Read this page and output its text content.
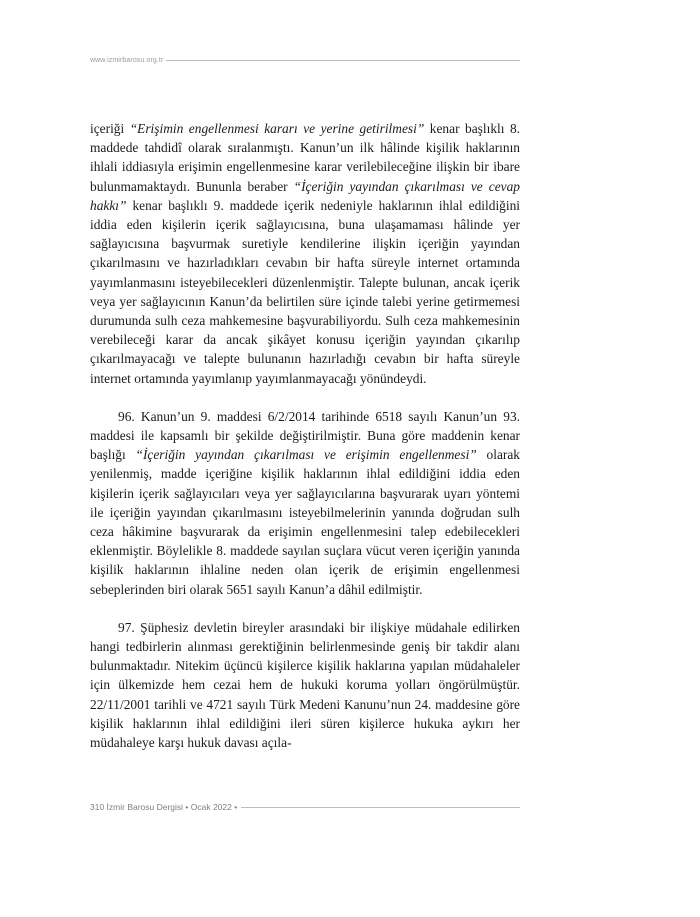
www.izmirbarosu.org.tr

içeriği “Erişimin engellenmesi kararı ve yerine getirilmesi” kenar başlıklı 8. maddede tahdidî olarak sıralanmıştı. Kanun’un ilk hâlinde kişilik haklarının ihlali iddiasıyla erişimin engellenmesine karar verilebileceğine ilişkin bir ibare bulunmamaktaydı. Bununla beraber “İçeriğin yayından çıkarılması ve cevap hakkı” kenar başlıklı 9. maddede içerik nedeniyle haklarının ihlal edildiğini iddia eden kişilerin içerik sağlayıcısına, buna ulaşamaması hâlinde yer sağlayıcısına başvurmak suretiyle kendilerine ilişkin içeriğin yayından çıkarılmasını ve hazırladıkları cevabın bir hafta süreyle internet ortamında yayımlanmasını isteyebilecekleri düzenlenmiştir. Talepte bulunan, ancak içerik veya yer sağlayıcının Kanun’da belirtilen süre içinde talebi yerine getirmemesi durumunda sulh ceza mahkemesine başvurabiliyordu. Sulh ceza mahkemesinin verebileceği karar da ancak şikâyet konusu içeriğin yayından çıkarılıp çıkarılmayacağı ve talepte bulunanın hazırladığı cevabın bir hafta süreyle internet ortamında yayımlanıp yayımlanmayacağı yönündeydi.

96. Kanun’un 9. maddesi 6/2/2014 tarihinde 6518 sayılı Kanun’un 93. maddesi ile kapsamlı bir şekilde değiştirilmiştir. Buna göre maddenin kenar başlığı “İçeriğin yayından çıkarılması ve erişimin engellenmesi” olarak yenilenmiş, madde içeriğine kişilik haklarının ihlal edildiğini iddia eden kişilerin içerik sağlayıcıları veya yer sağlayıcılarına başvurarak uyarı yöntemi ile içeriğin yayından çıkarılmasını isteyebilmelerinin yanında doğrudan sulh ceza hâkimine başvurarak da erişimin engellenmesini talep edebilecekleri eklenmiştir. Böylelikle 8. maddede sayılan suçlara vücut veren içeriğin yanında kişilik haklarının ihlaline neden olan içerik de erişimin engellenmesi sebeplerinden biri olarak 5651 sayılı Kanun’a dâhil edilmiştir.

97. Şüphesiz devletin bireyler arasındaki bir ilişkiye müdahale edilirken hangi tedbirlerin alınması gerektiğinin belirlenmesinde geniş bir takdir alanı bulunmaktadır. Nitekim üçüncü kişilerce kişilik haklarına yapılan müdahaleler için ülkemizde hem cezai hem de hukuki koruma yolları öngörülmüştür. 22/11/2001 tarihli ve 4721 sayılı Türk Medeni Kanunu’nun 24. maddesine göre kişilik haklarının ihlal edildiğini ileri süren kişilerce hukuka aykırı her müdahaleye karşı hukuk davası açıla-

310 İzmir Barosu Dergisi • Ocak 2022 •
